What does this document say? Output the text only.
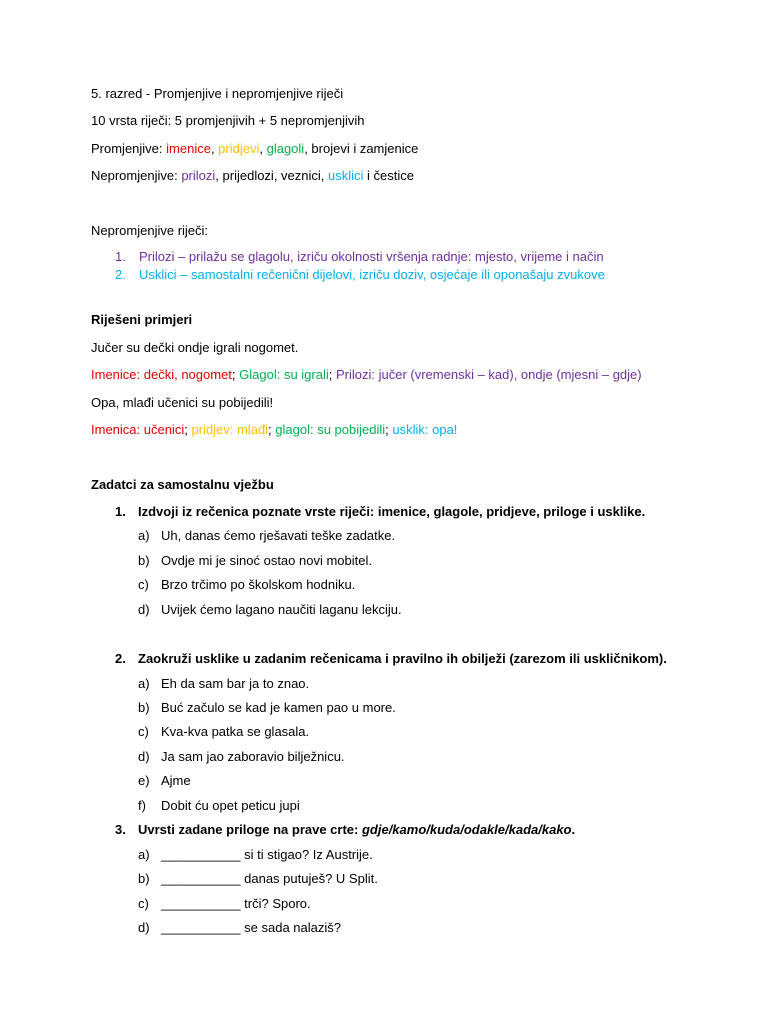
5. razred - Promjenjive i nepromjenjive riječi
10 vrsta riječi: 5 promjenjivih + 5 nepromjenjivih
Promjenjive: imenice, pridjevi, glagoli, brojevi i zamjenice
Nepromjenjive: prilozi, prijedlozi, veznici, usklici i čestice
Nepromjenjive riječi:
1. Prilozi – prilažu se glagolu, izriču okolnosti vršenja radnje: mjesto, vrijeme i način
2. Usklici – samostalni rečenični dijelovi, izriču doziv, osjećaje ili oponašaju zvukove
Riješeni primjeri
Jučer su dečki ondje igrali nogomet.
Imenice: dečki, nogomet; Glagol: su igrali; Prilozi: jučer (vremenski – kad), ondje (mjesni – gdje)
Opa, mlađi učenici su pobijedili!
Imenica: učenici; pridjev: mlađi; glagol: su pobijedili; usklik: opa!
Zadatci za samostalnu vježbu
1. Izdvoji iz rečenica poznate vrste riječi: imenice, glagole, pridjeve, priloge i usklike.
a) Uh, danas ćemo rješavati teške zadatke.
b) Ovdje mi je sinoć ostao novi mobitel.
c) Brzo trčimo po školskom hodniku.
d) Uvijek ćemo lagano naučiti laganu lekciju.
2. Zaokruži usklike u zadanim rečenicama i pravilno ih obilježi (zarezom ili uskličnikom).
a) Eh da sam bar ja to znao.
b) Buć začulo se kad je kamen pao u more.
c) Kva-kva patka se glasala.
d) Ja sam jao zaboravio bilježnicu.
e) Ajme
f) Dobit ću opet peticu jupi
3. Uvrsti zadane priloge na prave crte: gdje/kamo/kuda/odakle/kada/kako.
a) ___________ si ti stigao? Iz Austrije.
b) ___________ danas putuješ? U Split.
c) ___________ trči? Sporo.
d) ___________ se sada nalaziš?
